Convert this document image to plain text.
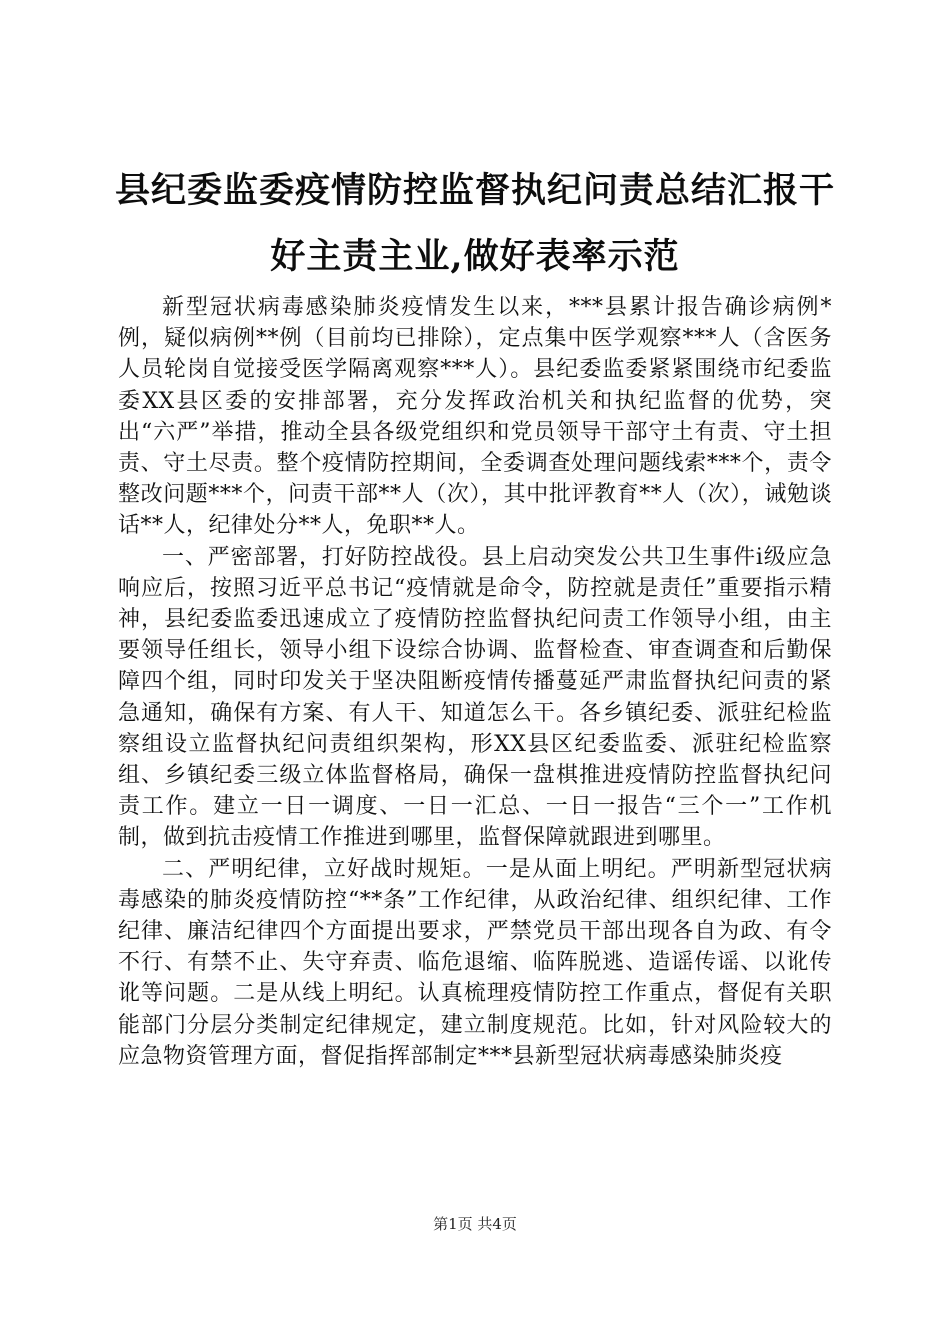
县纪委监委疫情防控监督执纪问责总结汇报干
好主责主业,做好表率示范

新型冠状病毒感染肺炎疫情发生以来，***县累计报告确诊病例*例，疑似病例**例（目前均已排除），定点集中医学观察***人（含医务人员轮岗自觉接受医学隔离观察***人）。县纪委监委紧紧围绕市纪委监委XX县区委的安排部署，充分发挥政治机关和执纪监督的优势，突出“六严”举措，推动全县各级党组织和党员领导干部守土有责、守土担责、守土尽责。整个疫情防控期间，全委调查处理问题线索***个，责令整改问题***个，问责干部**人（次），其中批评教育**人（次），诫勉谈话**人，纪律处分**人，免职**人。

一、严密部署，打好防控战役。县上启动突发公共卫生事件ⅰ级应急响应后，按照习近平总书记“疫情就是命令，防控就是责任”重要指示精神，县纪委监委迅速成立了疫情防控监督执纪问责工作领导小组，由主要领导任组长，领导小组下设综合协调、监督检查、审查调查和后勤保障四个组，同时印发关于坚决阻断疫情传播蔓延严肃监督执纪问责的紧急通知，确保有方案、有人干、知道怎么干。各乡镇纪委、派驻纪检监察组设立监督执纪问责组织架构，形XX县区纪委监委、派驻纪检监察组、乡镇纪委三级立体监督格局，确保一盘棋推进疫情防控监督执纪问责工作。建立一日一调度、一日一汇总、一日一报告“三个一”工作机制，做到抗击疫情工作推进到哪里，监督保障就跟进到哪里。

二、严明纪律，立好战时规矩。一是从面上明纪。严明新型冠状病毒感染的肺炎疫情防控“**条”工作纪律，从政治纪律、组织纪律、工作纪律、廉洁纪律四个方面提出要求，严禁党员干部出现各自为政、有令不行、有禁不止、失守弃责、临危退缩、临阵脱逃、造谣传谣、以讹传讹等问题。二是从线上明纪。认真梳理疫情防控工作重点，督促有关职能部门分层分类制定纪律规定，建立制度规范。比如，针对风险较大的应急物资管理方面，督促指挥部制定***县新型冠状病毒感染肺炎疫

第1页 共4页
